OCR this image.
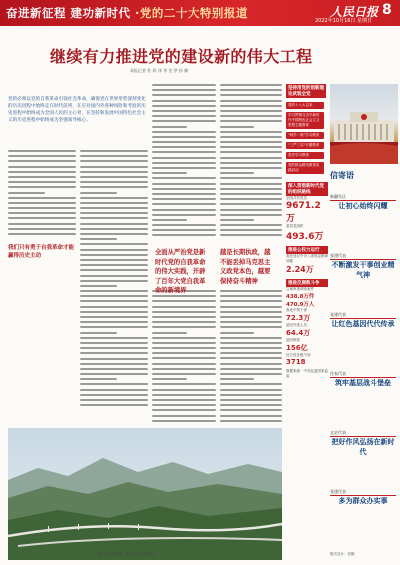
奋进新征程 建功新时代 ·党的二十大特别报道	人民日报 8
2022年10月16日 星期日
继续有力推进党的建设新的伟大工程
本报记者 杜 尚 泽 李 龙 伊 孙 楠
党的必须以党的自我革命引领社会革命，确保党在世界形势深刻变化的历史进程中始终走在时代前列，在应对国内外各种风险和考验的历史进程中始终成为全国人民的主心骨，在坚持和发展中国特色社会主义的历史进程中始终成为坚强领导核心。
我们只有勇于自我革命才能赢得历史主动	全面从严治党是新时代党的自我革命的伟大实践，开辟了百年大党自我革命的新境界
越是长期执政，越不能丢掉马克思主义政党本色，越要保持奋斗精神
坚持用党的创新理论武装全党
党的十八大以来
学习贯彻习近平新时代中国特色社会主义思想主题教育
"两学一做"学习教育
"三严三实"专题教育
党史学习教育
党的群众路线教育实践活动
深入贯彻新时代党的组织路线
全国共有党员
9671.2万
基层党组织
493.6万
推进公权力运行
查处违反中央八项规定精神问题
2.24万
推进反腐败斗争
立案审查调查案件
438.8万件 470.9万人
查处中管干部
72.3万
追回外逃人员
64.4万
追回赃款
156亿
处分县处级干部
3718
数据来源：中央纪委国家监委
信寄语
新疆军区
让初心始终闪耀
张建代表
不断激发干事创业精气神
张建代表
让红色基因代代传承
作家代表
筑牢基层战斗堡垒
文史代表
把好作风弘扬在新时代
张建代表
多为群众办实事
图为黄芙蓉拍摄：贵州高速公路建设	版式设计：张鹏
